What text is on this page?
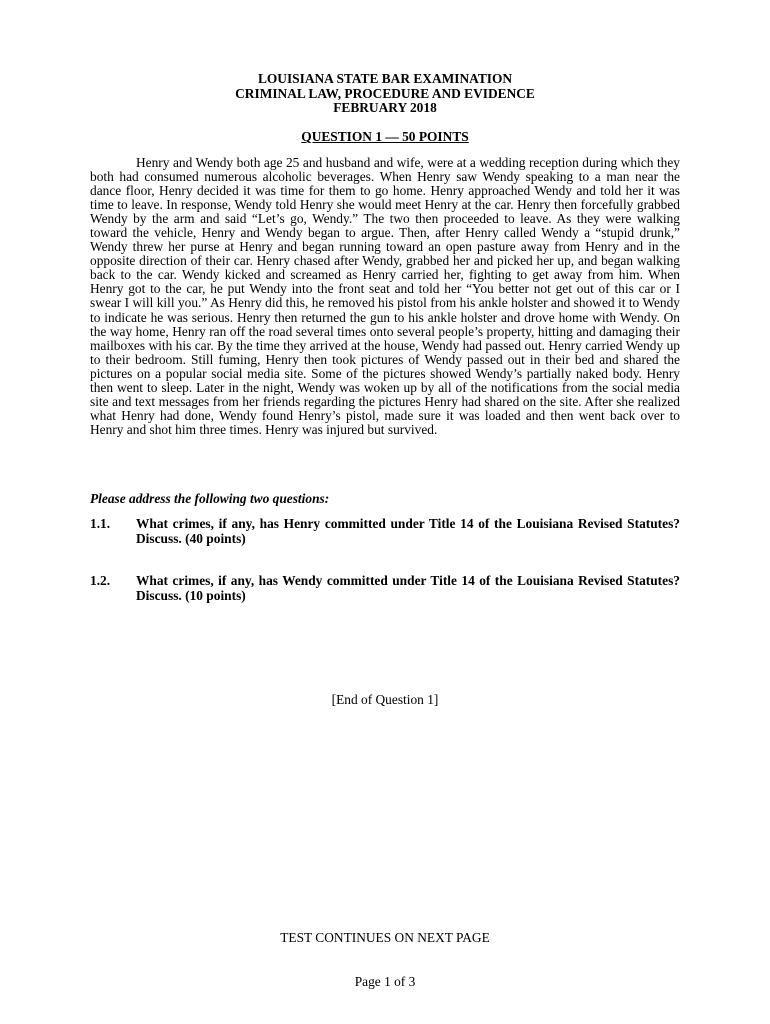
LOUISIANA STATE BAR EXAMINATION
CRIMINAL LAW, PROCEDURE AND EVIDENCE
FEBRUARY 2018
QUESTION 1 — 50 POINTS

Henry and Wendy both age 25 and husband and wife, were at a wedding reception during which they both had consumed numerous alcoholic beverages. When Henry saw Wendy speaking to a man near the dance floor, Henry decided it was time for them to go home. Henry approached Wendy and told her it was time to leave. In response, Wendy told Henry she would meet Henry at the car. Henry then forcefully grabbed Wendy by the arm and said “Let’s go, Wendy.” The two then proceeded to leave. As they were walking toward the vehicle, Henry and Wendy began to argue. Then, after Henry called Wendy a “stupid drunk,” Wendy threw her purse at Henry and began running toward an open pasture away from Henry and in the opposite direction of their car. Henry chased after Wendy, grabbed her and picked her up, and began walking back to the car. Wendy kicked and screamed as Henry carried her, fighting to get away from him. When Henry got to the car, he put Wendy into the front seat and told her “You better not get out of this car or I swear I will kill you.” As Henry did this, he removed his pistol from his ankle holster and showed it to Wendy to indicate he was serious. Henry then returned the gun to his ankle holster and drove home with Wendy. On the way home, Henry ran off the road several times onto several people’s property, hitting and damaging their mailboxes with his car. By the time they arrived at the house, Wendy had passed out. Henry carried Wendy up to their bedroom. Still fuming, Henry then took pictures of Wendy passed out in their bed and shared the pictures on a popular social media site. Some of the pictures showed Wendy’s partially naked body. Henry then went to sleep. Later in the night, Wendy was woken up by all of the notifications from the social media site and text messages from her friends regarding the pictures Henry had shared on the site. After she realized what Henry had done, Wendy found Henry’s pistol, made sure it was loaded and then went back over to Henry and shot him three times. Henry was injured but survived.

Please address the following two questions:
1.1. What crimes, if any, has Henry committed under Title 14 of the Louisiana Revised Statutes? Discuss. (40 points)
1.2. What crimes, if any, has Wendy committed under Title 14 of the Louisiana Revised Statutes? Discuss. (10 points)
[End of Question 1]
TEST CONTINUES ON NEXT PAGE
Page 1 of 3
